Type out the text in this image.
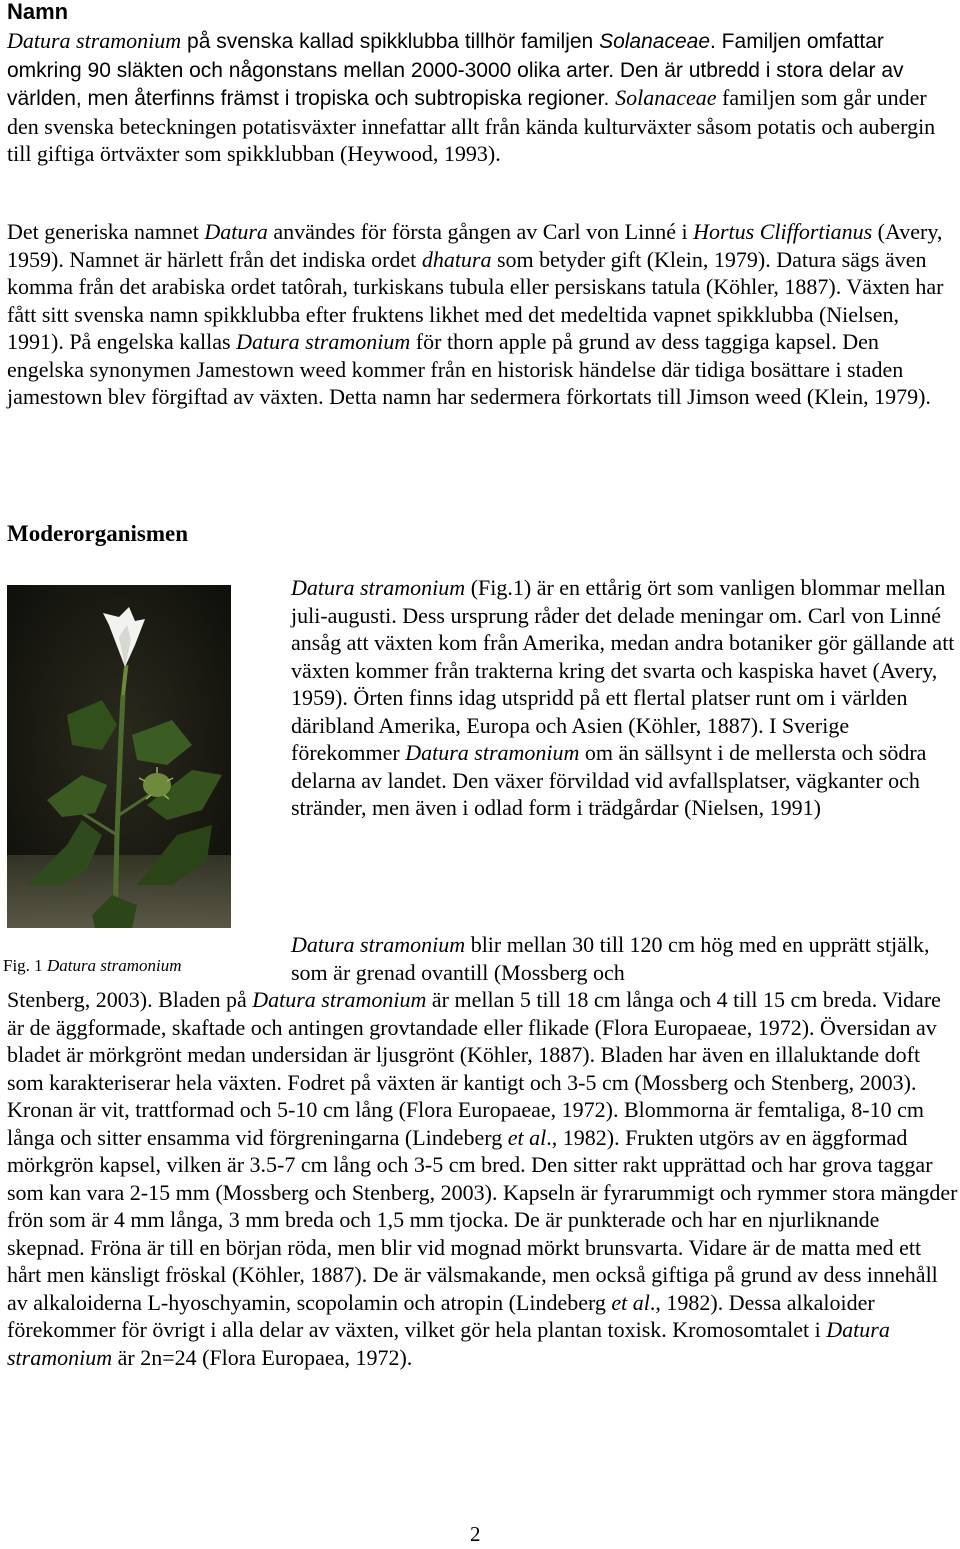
Namn

Datura stramonium på svenska kallad spikklubba tillhör familjen Solanaceae. Familjen omfattar omkring 90 släkten och någonstans mellan 2000-3000 olika arter. Den är utbredd i stora delar av världen, men återfinns främst i tropiska och subtropiska regioner. Solanaceae familjen som går under den svenska beteckningen potatisväxter innefattar allt från kända kulturväxter såsom potatis och aubergin till giftiga örtväxter som spikklubban (Heywood, 1993).

Det generiska namnet Datura användes för första gången av Carl von Linné i Hortus Cliffortianus (Avery, 1959). Namnet är härlett från det indiska ordet dhatura som betyder gift (Klein, 1979). Datura sägs även komma från det arabiska ordet tatôrah, turkiskans tubula eller persiskans tatula (Köhler, 1887). Växten har fått sitt svenska namn spikklubba efter fruktens likhet med det medeltida vapnet spikklubba (Nielsen, 1991). På engelska kallas Datura stramonium för thorn apple på grund av dess taggiga kapsel. Den engelska synonymen Jamestown weed kommer från en historisk händelse där tidiga bosättare i staden jamestown blev förgiftad av växten. Detta namn har sedermera förkortats till Jimson weed (Klein, 1979).

Moderorganismen

Fig. 1 Datura stramonium

Datura stramonium (Fig.1) är en ettårig ört som vanligen blommar mellan juli-augusti. Dess ursprung råder det delade meningar om. Carl von Linné ansåg att växten kom från Amerika, medan andra botaniker gör gällande att växten kommer från trakterna kring det svarta och kaspiska havet (Avery, 1959). Örten finns idag utspridd på ett flertal platser runt om i världen däribland Amerika, Europa och Asien (Köhler, 1887). I Sverige förekommer Datura stramonium om än sällsynt i de mellersta och södra delarna av landet. Den växer förvildad vid avfallsplatser, vägkanter och stränder, men även i odlad form i trädgårdar (Nielsen, 1991)

Datura stramonium blir mellan 30 till 120 cm hög med en upprätt stjälk, som är grenad ovantill (Mossberg och

Stenberg, 2003). Bladen på Datura stramonium är mellan 5 till 18 cm långa och 4 till 15 cm breda. Vidare är de äggformade, skaftade och antingen grovtandade eller flikade (Flora Europaeae, 1972). Översidan av bladet är mörkgrönt medan undersidan är ljusgrönt (Köhler, 1887). Bladen har även en illaluktande doft som karakteriserar hela växten. Fodret på växten är kantigt och 3-5 cm (Mossberg och Stenberg, 2003). Kronan är vit, trattformad och 5-10 cm lång (Flora Europaeae, 1972). Blommorna är femtaliga, 8-10 cm långa och sitter ensamma vid förgreningarna (Lindeberg et al., 1982). Frukten utgörs av en äggformad mörkgrön kapsel, vilken är 3.5-7 cm lång och 3-5 cm bred. Den sitter rakt upprättad och har grova taggar som kan vara 2-15 mm (Mossberg och Stenberg, 2003). Kapseln är fyrarummigt och rymmer stora mängder frön som är 4 mm långa, 3 mm breda och 1,5 mm tjocka. De är punkterade och har en njurliknande skepnad. Fröna är till en början röda, men blir vid mognad mörkt brunsvarta. Vidare är de matta med ett hårt men känsligt fröskal (Köhler, 1887). De är välsmakande, men också giftiga på grund av dess innehåll av alkaloiderna L-hyoschyamin, scopolamin och atropin (Lindeberg et al., 1982). Dessa alkaloider förekommer för övrigt i alla delar av växten, vilket gör hela plantan toxisk. Kromosomtalet i Datura stramonium är 2n=24 (Flora Europaea, 1972).

2
